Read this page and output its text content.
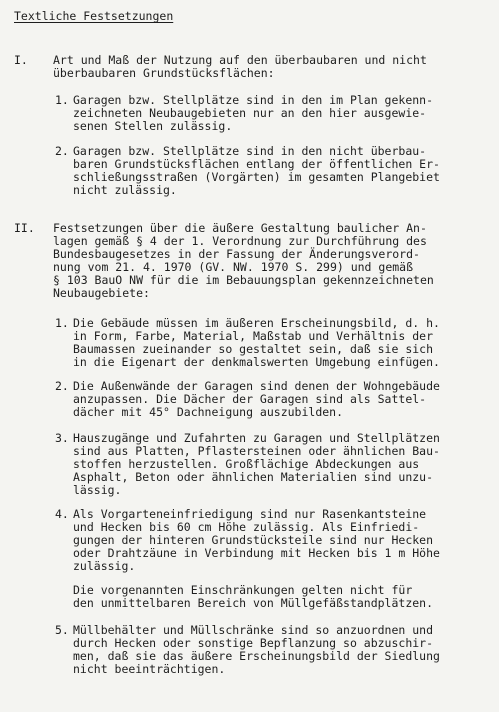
Textliche Festsetzungen
I. Art und Maß der Nutzung auf den überbaubaren und nicht
überbaubaren Grundstücksflächen:
1. Garagen bzw. Stellplätze sind in den im Plan gekenn-
zeichneten Neubaugebieten nur an den hier ausgewie-
senen Stellen zulässig.
2. Garagen bzw. Stellplätze sind in den nicht überbau-
baren Grundstücksflächen entlang der öffentlichen Er-
schließungsstraßen (Vorgärten) im gesamten Plangebiet
nicht zulässig.
II. Festsetzungen über die äußere Gestaltung baulicher An-
lagen gemäß § 4 der 1. Verordnung zur Durchführung des
Bundesbaugesetzes in der Fassung der Änderungsverord-
nung vom 21. 4. 1970 (GV. NW. 1970 S. 299) und gemäß
§ 103 BauO NW für die im Bebauungsplan gekennzeichneten
Neubaugebiete:
1. Die Gebäude müssen im äußeren Erscheinungsbild, d. h.
in Form, Farbe, Material, Maßstab und Verhältnis der
Baumassen zueinander so gestaltet sein, daß sie sich
in die Eigenart der denkmalswerten Umgebung einfügen.
2. Die Außenwände der Garagen sind denen der Wohngebäude
anzupassen. Die Dächer der Garagen sind als Sattel-
dächer mit 45° Dachneigung auszubilden.
3. Hauszugänge und Zufahrten zu Garagen und Stellplätzen
sind aus Platten, Pflastersteinen oder ähnlichen Bau-
stoffen herzustellen. Großflächige Abdeckungen aus
Asphalt, Beton oder ähnlichen Materialien sind unzu-
lässig.
4. Als Vorgarteneinfriedigung sind nur Rasenkantsteine
und Hecken bis 60 cm Höhe zulässig. Als Einfriedi-
gungen der hinteren Grundstücksteile sind nur Hecken
oder Drahtzäune in Verbindung mit Hecken bis 1 m Höhe
zulässig.
Die vorgenannten Einschränkungen gelten nicht für
den unmittelbaren Bereich von Müllgefäßstandplätzen.
5. Müllbehälter und Müllschränke sind so anzuordnen und
durch Hecken oder sonstige Bepflanzung so abzuschir-
men, daß sie das äußere Erscheinungsbild der Siedlung
nicht beeinträchtigen.
